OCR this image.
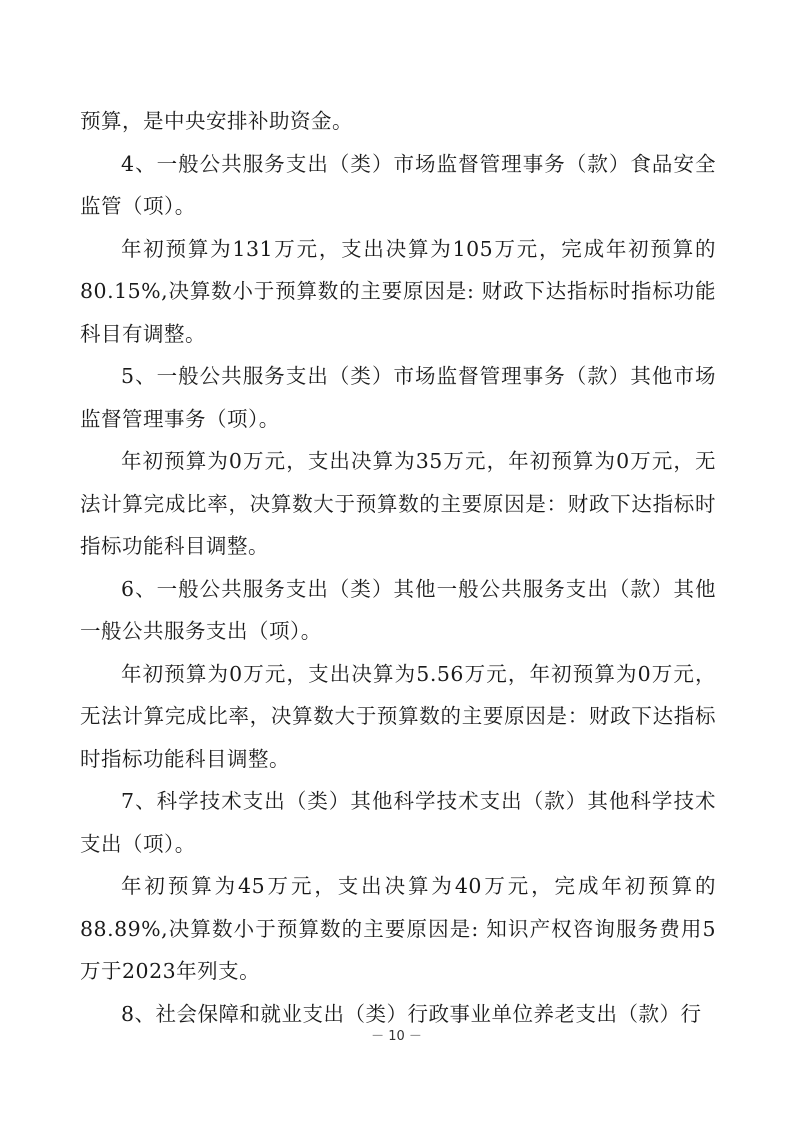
预算，是中央安排补助资金。

4、一般公共服务支出（类）市场监督管理事务（款）食品安全监管（项）。

年初预算为131万元，支出决算为105万元，完成年初预算的80.15%,决算数小于预算数的主要原因是: 财政下达指标时指标功能科目有调整。

5、一般公共服务支出（类）市场监督管理事务（款）其他市场监督管理事务（项）。

年初预算为0万元，支出决算为35万元，年初预算为0万元，无法计算完成比率，决算数大于预算数的主要原因是：财政下达指标时指标功能科目调整。

6、一般公共服务支出（类）其他一般公共服务支出（款）其他一般公共服务支出（项）。

年初预算为0万元，支出决算为5.56万元，年初预算为0万元，无法计算完成比率，决算数大于预算数的主要原因是：财政下达指标时指标功能科目调整。

7、科学技术支出（类）其他科学技术支出（款）其他科学技术支出（项）。

年初预算为45万元，支出决算为40万元，完成年初预算的88.89%,决算数小于预算数的主要原因是: 知识产权咨询服务费用5万于2023年列支。

8、社会保障和就业支出（类）行政事业单位养老支出（款）行

－ 10 －
